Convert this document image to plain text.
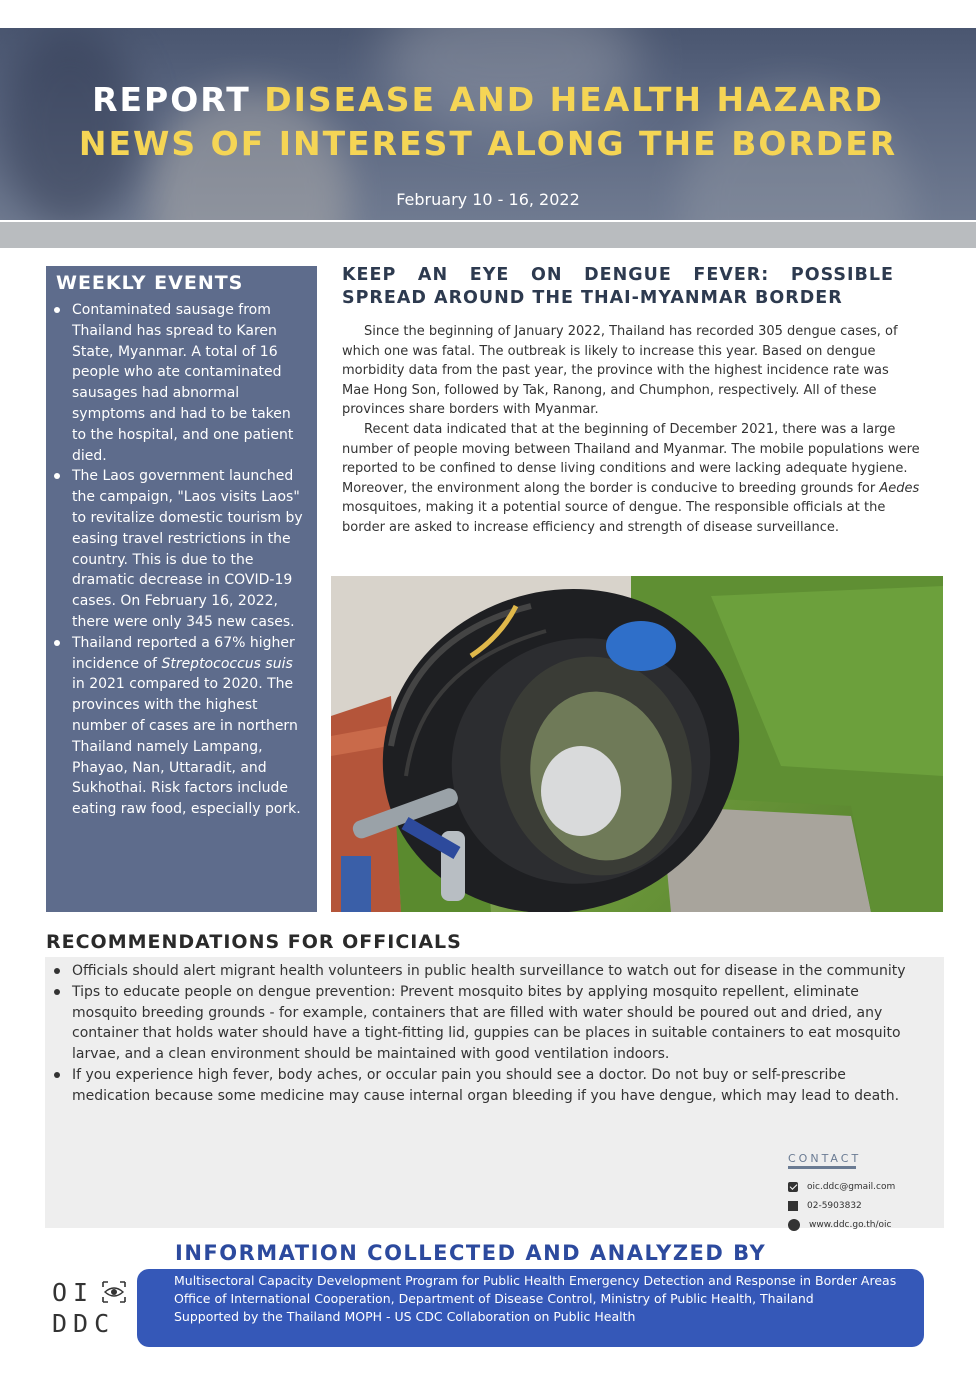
REPORT DISEASE AND HEALTH HAZARD
NEWS OF INTEREST ALONG THE BORDER
February 10 - 16, 2022
WEEKLY EVENTS
Contaminated sausage from Thailand has spread to Karen State, Myanmar. A total of 16 people who ate contaminated sausages had abnormal symptoms and had to be taken to the hospital, and one patient died.
The Laos government launched the campaign, "Laos visits Laos" to revitalize domestic tourism by easing travel restrictions in the country. This is due to the dramatic decrease in COVID-19 cases. On February 16, 2022, there were only 345 new cases.
Thailand reported a 67% higher incidence of Streptococcus suis in 2021 compared to 2020. The provinces with the highest number of cases are in northern Thailand namely Lampang, Phayao, Nan, Uttaradit, and Sukhothai. Risk factors include eating raw food, especially pork.
KEEP AN EYE ON DENGUE FEVER: POSSIBLE SPREAD AROUND THE THAI-MYANMAR BORDER

Since the beginning of January 2022, Thailand has recorded 305 dengue cases, of which one was fatal. The outbreak is likely to increase this year. Based on dengue morbidity data from the past year, the province with the highest incidence rate was Mae Hong Son, followed by Tak, Ranong, and Chumphon, respectively. All of these provinces share borders with Myanmar.

Recent data indicated that at the beginning of December 2021, there was a large number of people moving between Thailand and Myanmar. The mobile populations were reported to be confined to dense living conditions and were lacking adequate hygiene. Moreover, the environment along the border is conducive to breeding grounds for Aedes mosquitoes, making it a potential source of dengue. The responsible officials at the border are asked to increase efficiency and strength of disease surveillance.

RECOMMENDATIONS FOR OFFICIALS
Officials should alert migrant health volunteers in public health surveillance to watch out for disease in the community
Tips to educate people on dengue prevention: Prevent mosquito bites by applying mosquito repellent, eliminate mosquito breeding grounds - for example, containers that are filled with water should be poured out and dried, any container that holds water should have a tight-fitting lid, guppies can be places in suitable containers to eat mosquito larvae, and a clean environment should be maintained with good ventilation indoors.
If you experience high fever, body aches, or occular pain you should see a doctor. Do not buy or self-prescribe medication because some medicine may cause internal organ bleeding if you have dengue, which may lead to death.
CONTACT
oic.ddc@gmail.com
02-5903832
www.ddc.go.th/oic
OI
DDC
INFORMATION COLLECTED AND ANALYZED BY
Multisectoral Capacity Development Program for Public Health Emergency Detection and Response in Border Areas
Office of International Cooperation, Department of Disease Control, Ministry of Public Health, Thailand
Supported by the Thailand MOPH - US CDC Collaboration on Public Health
